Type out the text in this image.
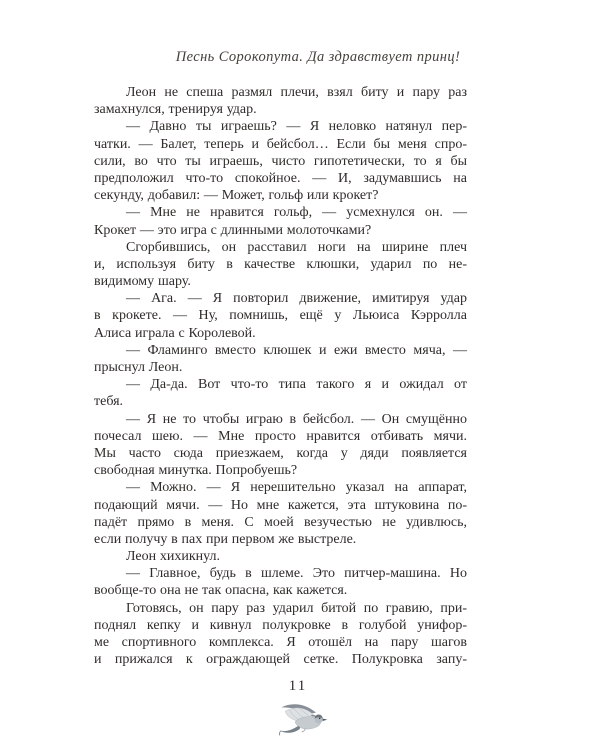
Песнь Сорокопута. Да здравствует принц!
Леон не спеша размял плечи, взял биту и пару раз
замахнулся, тренируя удар.
— Давно ты играешь? — Я неловко натянул пер-
чатки. — Балет, теперь и бейсбол… Если бы меня спро-
сили, во что ты играешь, чисто гипотетически, то я бы
предположил что-то спокойное. — И, задумавшись на
секунду, добавил: — Может, гольф или крокет?
— Мне не нравится гольф, — усмехнулся он. —
Крокет — это игра с длинными молоточками?
Сгорбившись, он расставил ноги на ширине плеч
и, используя биту в качестве клюшки, ударил по не-
видимому шару.
— Ага. — Я повторил движение, имитируя удар
в крокете. — Ну, помнишь, ещё у Льюиса Кэрролла
Алиса играла с Королевой.
— Фламинго вместо клюшек и ежи вместо мяча, —
прыснул Леон.
— Да-да. Вот что-то типа такого я и ожидал от
тебя.
— Я не то чтобы играю в бейсбол. — Он смущённо
почесал шею. — Мне просто нравится отбивать мячи.
Мы часто сюда приезжаем, когда у дяди появляется
свободная минутка. Попробуешь?
— Можно. — Я нерешительно указал на аппарат,
подающий мячи. — Но мне кажется, эта штуковина по-
падёт прямо в меня. С моей везучестью не удивлюсь,
если получу в пах при первом же выстреле.
Леон хихикнул.
— Главное, будь в шлеме. Это питчер-машина. Но
вообще-то она не так опасна, как кажется.
Готовясь, он пару раз ударил битой по гравию, при-
поднял кепку и кивнул полукровке в голубой унифор-
ме спортивного комплекса. Я отошёл на пару шагов
и прижался к ограждающей сетке. Полукровка запу-
11
